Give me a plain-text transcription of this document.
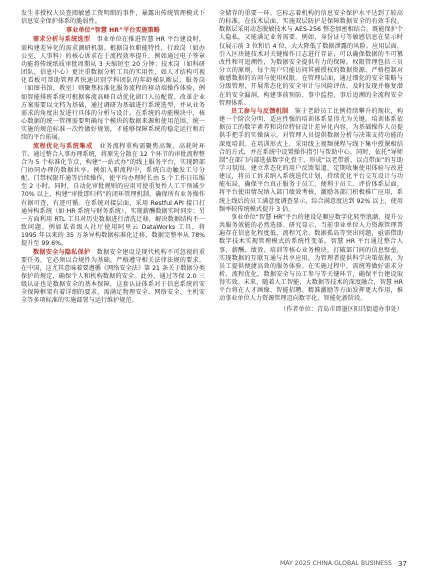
发生非授权人员查阅敏感工资明细的事件，暴露出传统管理模式下信息安全保护体系的脆弱性。

事业单位“智慧 HR”平台实施策略

需求分析与系统选型　 事业单位在推进智慧 HR 平台建设时，需构建差异化的需求调研机制。根据岗位职能特性，行政岗（如办公室、人事科）的核心诉求在于流程效率提升，例如通过电子签章功能将传统纸质审批周期从 3 天缩短至 20 分钟；技术岗（如科研团队、信息中心）更注重数据分析工具的实用性，如人才结构可视化看板可帮助管理者快速识别学科团队的年龄梯队断层；服务岗（如图书馆、教室）则聚焦标准化服务流程的移动端操作体验，例如智能排班系统可根据客流高峰自动优化窗口人员配置。改革企业方案需要以文档为基础，通过调研为基础进行系统选型，并从业务需求的角度出发进行具体的分析与设计。在系统的功能模块中，核心数据的统一管理需要明确每个模块的数据来源和使用范围，统一实施的规范标准一次性做好规划，才能够保障系统的稳定运行和后续的平台拓展。

流程优化与系统集成　 业务流程重构需聚焦高频、高耗时环节。通过整合人事办理系统，将原先分散在 12 个环节的审批流程整合为 5 个标准化节点，构建“一站式办”的线上服务平台，实现跨部门协同办理的数据共享。例如入职流程中，系统自动触发工号分配、门禁权限开通等后续操作，使平均办理时长由 5 个工作日压缩至 2 小时。同时，自动化审批规则的应用可使重复性人工干预减少 70% 以上，构建“审批即归档”的闭环管理机制，确保所有业务操作有据可查、有迹可循。在系统对接层面，采用 Restful API 接口打通异构系统（如 HR 系统与财务系统），实现薪酬数据实时同步；另一方面利用 RTL 工具对历史数据进行清洗迁移，解决数据结构不一致问题。例如某省级人社厅使用阿里云 DataWorks 工具，将 1995 年以来的 35 万条异构数据标准化迁移，数据完整率从 78% 提升至 99.6%。

数据安全与隐私保护　 数据安全建设是现代机构不可忽视的重要任务，它必须以合规性为基础，严格遵守相关法律法规的要求。在中国，这尤其意味着要遵循《网络安全法》第 21 条关于数据分类保护的规定，确保个人和机构数据的安全。此外，通过等保 2.0 三级认证也是数据安全的基本保障，这套认证体系对于信息系统的安全保障框架有着详细的要求，需满足物理安全、网络安全、主机安全等多项标准的实施部署与运行维护规范。

全储存的重要一环。它标志着机构的信息安全保护水平达到了较高的标准。在技术层面，实施双层防护是保障数据安全的有效手段。数据层采用动态脱敏技术与 AES-256 整态加密相结合，既能保护个人隐私，又能满足业务需要。例如，身份证号等敏感信息在显示时仅展示前 3 位和后 4 位，大大降低了数据泄露的风险。应用层面，引入区块链技术对关键操作日志进行存证，可以确保数据的不可篡改性和可追溯性，为数据安全提供有力的保障。权限管理包括三员分立的原则，每个用户只能访问其被授权的数据资源，严格控制对敏感数据的访问与使用权限。在管理层面，通过细化的安全策略与分级管理，开展常态化的安全审计与风险评估，及时发现并修复潜在的安全漏洞，构建事前预防、事中监控、事后追溯的全流程安全管理体系。

员工参与与反馈机制　 鉴于老龄员工比例持续攀升的现状，构建一个阶次分明、适应性强的培训体系显得尤为关键。培训体系依据员工的数字素养和岗位特征设计差异化内容，为基础操作人员提供手把手的实操演示，对管理人员提供数据分析与决策支持功能的深度培训。在培训形式上，采用线上视频课程与线下集中授课相结合的方式，并在系统中设置操作指引与帮助中心。同时，依托“导师制”在部门内部选拔数字化骨干，形成“以老带新、以点带面”的互助学习氛围。建立常态化的用户反馈渠道，定期收集使用体验与改进建议，将员工诉求纳入系统迭代计划，持续优化平台交互设计与功能布局，确保平台真正服务于员工、便利于员工。评价体系层面，将平台使用情况纳入部门绩效考核，激励各部门积极推广应用，系统上线后的员工满意度调查显示，综合满意度达到 92% 以上，使用频率较传统模式提升 3 倍。

事业单位“智慧 HR”平台的建设是顺应数字化转型浪潮、提升公共服务效能的必然选择。研究显示，当前事业单位人力资源管理普遍存在信息化程度低、流程冗余、数据孤岛等突出问题，亟需借助数字技术实现管理模式的系统性变革。智慧 HR 平台通过整合人事、薪酬、绩效、培训等核心业务模块，打破部门间的信息壁垒，实现数据的互联互通与共享应用，为管理者提供科学决策依据，为员工提供便捷高效的服务体验。在实施过程中，需统筹做好需求分析、流程优化、数据安全与员工参与等关键环节，确保平台建设取得实效。未来，随着人工智能、大数据等技术的深度融合，智慧 HR 平台将在人才画像、智能招聘、精准激励等方面发挥更大作用，推动事业单位人力资源管理迈向数字化、智能化新阶段。

（作者单位：青岛市即墨区阳昌街道办事处）

MAY 2025 CHINA GLOBAL BUSINESS 37
